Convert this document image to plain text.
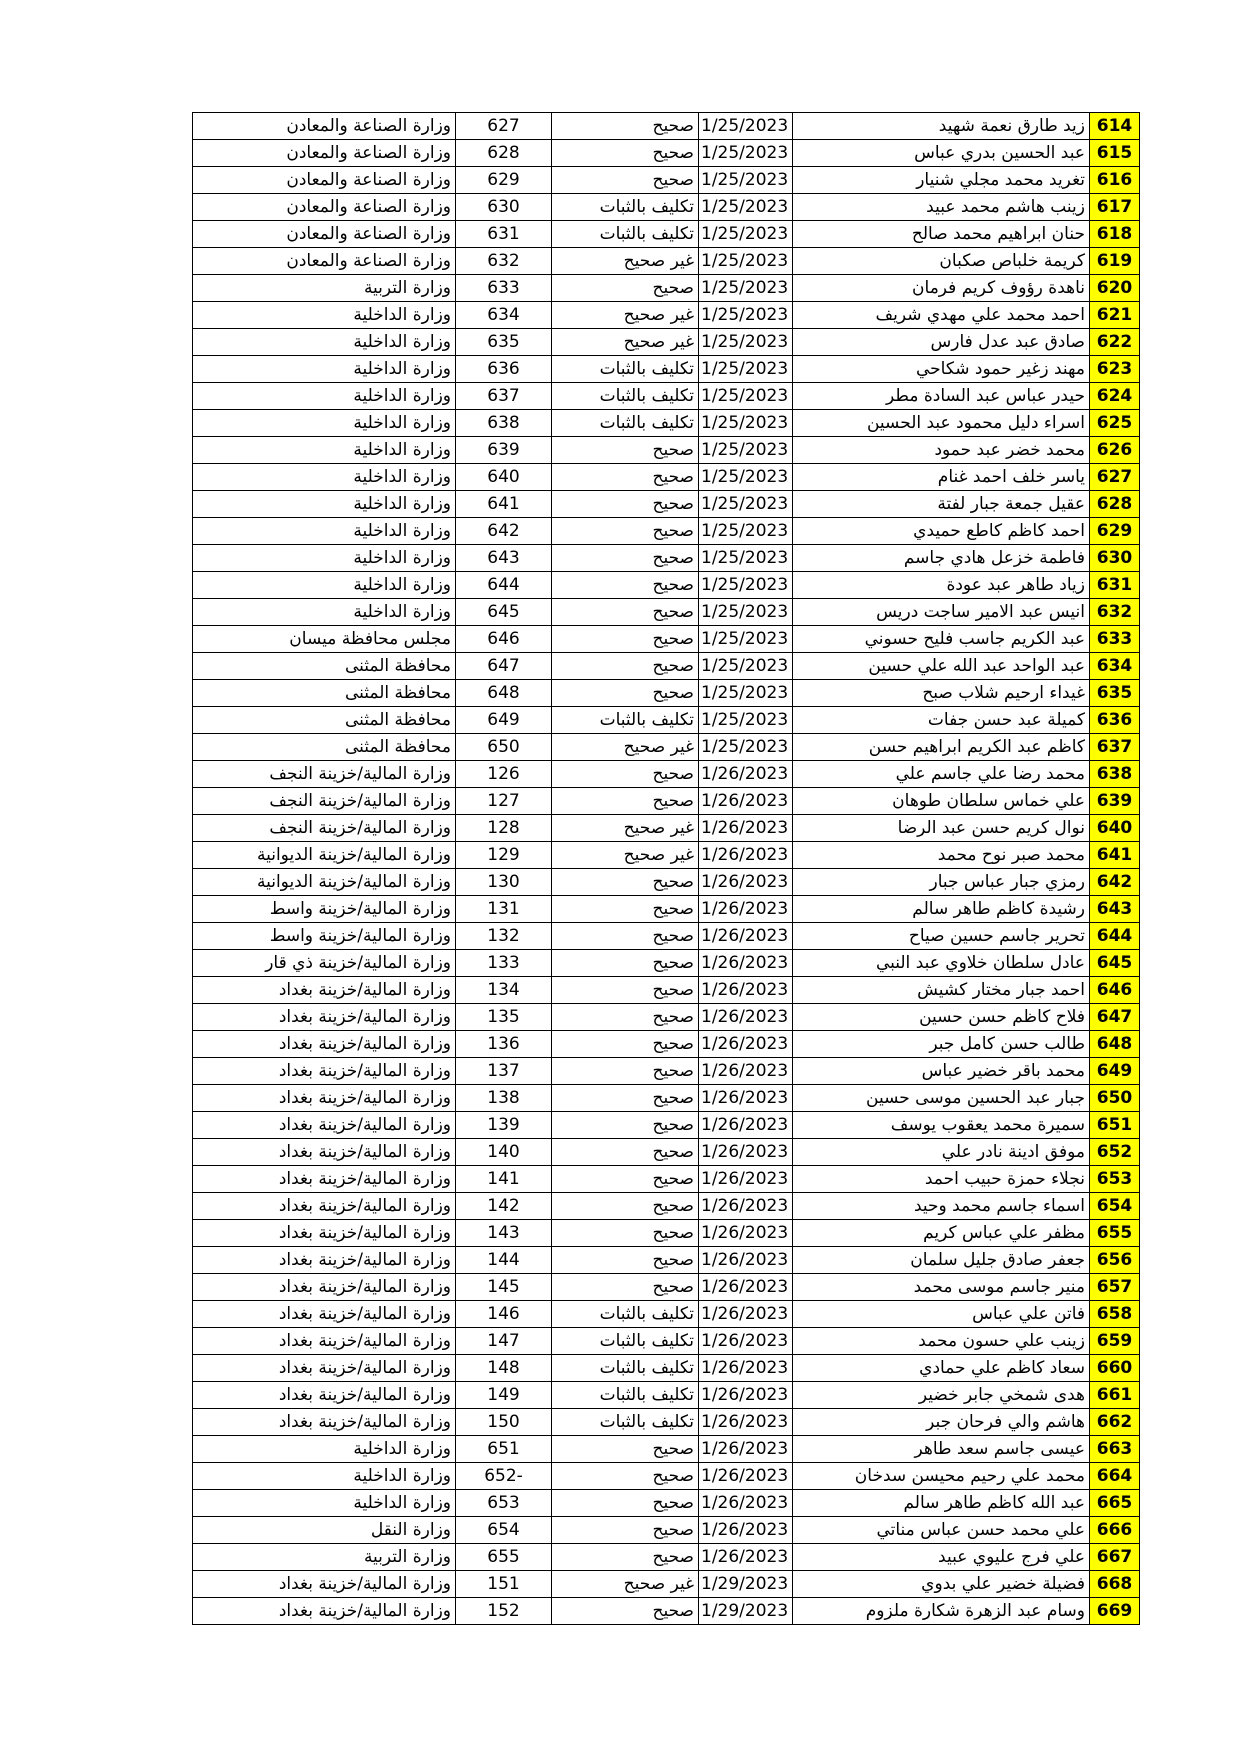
وزارة الصناعة والمعادن	627	صحيح	1/25/2023	زيد طارق نعمة شهيد	614
وزارة الصناعة والمعادن	628	صحيح	1/25/2023	عبد الحسين بدري عباس	615
وزارة الصناعة والمعادن	629	صحيح	1/25/2023	تغريد محمد مجلي شنيار	616
وزارة الصناعة والمعادن	630	تكليف بالثبات	1/25/2023	زينب هاشم محمد عبيد	617
وزارة الصناعة والمعادن	631	تكليف بالثبات	1/25/2023	حنان ابراهيم محمد صالح	618
وزارة الصناعة والمعادن	632	غير صحيح	1/25/2023	كريمة خلباص صكبان	619
وزارة التربية	633	صحيح	1/25/2023	ناهدة رؤوف كريم فرمان	620
وزارة الداخلية	634	غير صحيح	1/25/2023	احمد محمد علي مهدي شريف	621
وزارة الداخلية	635	غير صحيح	1/25/2023	صادق عبد عدل فارس	622
وزارة الداخلية	636	تكليف بالثبات	1/25/2023	مهند زغير حمود شكاحي	623
وزارة الداخلية	637	تكليف بالثبات	1/25/2023	حيدر عباس عبد السادة مطر	624
وزارة الداخلية	638	تكليف بالثبات	1/25/2023	اسراء دليل محمود عبد الحسين	625
وزارة الداخلية	639	صحيح	1/25/2023	محمد خضر عبد حمود	626
وزارة الداخلية	640	صحيح	1/25/2023	ياسر خلف احمد غنام	627
وزارة الداخلية	641	صحيح	1/25/2023	عقيل جمعة جبار لفتة	628
وزارة الداخلية	642	صحيح	1/25/2023	احمد كاظم كاطع حميدي	629
وزارة الداخلية	643	صحيح	1/25/2023	فاطمة خزعل هادي جاسم	630
وزارة الداخلية	644	صحيح	1/25/2023	زياد طاهر عبد عودة	631
وزارة الداخلية	645	صحيح	1/25/2023	انيس عبد الامير ساجت دريس	632
مجلس محافظة ميسان	646	صحيح	1/25/2023	عبد الكريم جاسب فليح حسوني	633
محافظة المثنى	647	صحيح	1/25/2023	عبد الواحد عبد الله علي حسين	634
محافظة المثنى	648	صحيح	1/25/2023	غيداء ارحيم شلاب صبح	635
محافظة المثنى	649	تكليف بالثبات	1/25/2023	كميلة عبد حسن جفات	636
محافظة المثنى	650	غير صحيح	1/25/2023	كاظم عبد الكريم ابراهيم حسن	637
وزارة المالية/خزينة النجف	126	صحيح	1/26/2023	محمد رضا علي جاسم علي	638
وزارة المالية/خزينة النجف	127	صحيح	1/26/2023	علي خماس سلطان طوهان	639
وزارة المالية/خزينة النجف	128	غير صحيح	1/26/2023	نوال كريم حسن عبد الرضا	640
وزارة المالية/خزينة الديوانية	129	غير صحيح	1/26/2023	محمد صبر نوح محمد	641
وزارة المالية/خزينة الديوانية	130	صحيح	1/26/2023	رمزي جبار عباس جبار	642
وزارة المالية/خزينة واسط	131	صحيح	1/26/2023	رشيدة كاظم طاهر سالم	643
وزارة المالية/خزينة واسط	132	صحيح	1/26/2023	تحرير جاسم حسين صياح	644
وزارة المالية/خزينة ذي قار	133	صحيح	1/26/2023	عادل سلطان خلاوي عبد النبي	645
وزارة المالية/خزينة بغداد	134	صحيح	1/26/2023	احمد جبار مختار كشيش	646
وزارة المالية/خزينة بغداد	135	صحيح	1/26/2023	فلاح كاظم حسن حسين	647
وزارة المالية/خزينة بغداد	136	صحيح	1/26/2023	طالب حسن كامل جبر	648
وزارة المالية/خزينة بغداد	137	صحيح	1/26/2023	محمد باقر خضير عباس	649
وزارة المالية/خزينة بغداد	138	صحيح	1/26/2023	جبار عبد الحسين موسى حسين	650
وزارة المالية/خزينة بغداد	139	صحيح	1/26/2023	سميرة محمد يعقوب يوسف	651
وزارة المالية/خزينة بغداد	140	صحيح	1/26/2023	موفق ادينة نادر علي	652
وزارة المالية/خزينة بغداد	141	صحيح	1/26/2023	نجلاء حمزة حبيب احمد	653
وزارة المالية/خزينة بغداد	142	صحيح	1/26/2023	اسماء جاسم محمد وحيد	654
وزارة المالية/خزينة بغداد	143	صحيح	1/26/2023	مظفر علي عباس كريم	655
وزارة المالية/خزينة بغداد	144	صحيح	1/26/2023	جعفر صادق جليل سلمان	656
وزارة المالية/خزينة بغداد	145	صحيح	1/26/2023	منير جاسم موسى محمد	657
وزارة المالية/خزينة بغداد	146	تكليف بالثبات	1/26/2023	فاتن علي عباس	658
وزارة المالية/خزينة بغداد	147	تكليف بالثبات	1/26/2023	زينب علي حسون محمد	659
وزارة المالية/خزينة بغداد	148	تكليف بالثبات	1/26/2023	سعاد كاظم علي حمادي	660
وزارة المالية/خزينة بغداد	149	تكليف بالثبات	1/26/2023	هدى شمخي جابر خضير	661
وزارة المالية/خزينة بغداد	150	تكليف بالثبات	1/26/2023	هاشم والي فرحان جبر	662
وزارة الداخلية	651	صحيح	1/26/2023	عيسى جاسم سعد طاهر	663
وزارة الداخلية	652-	صحيح	1/26/2023	محمد علي رحيم محيسن سدخان	664
وزارة الداخلية	653	صحيح	1/26/2023	عبد الله كاظم طاهر سالم	665
وزارة النقل	654	صحيح	1/26/2023	علي محمد حسن عباس مناتي	666
وزارة التربية	655	صحيح	1/26/2023	علي فرج عليوي عبيد	667
وزارة المالية/خزينة بغداد	151	غير صحيح	1/29/2023	فضيلة خضير علي بدوي	668
وزارة المالية/خزينة بغداد	152	صحيح	1/29/2023	وسام عبد الزهرة شكارة ملزوم	669
